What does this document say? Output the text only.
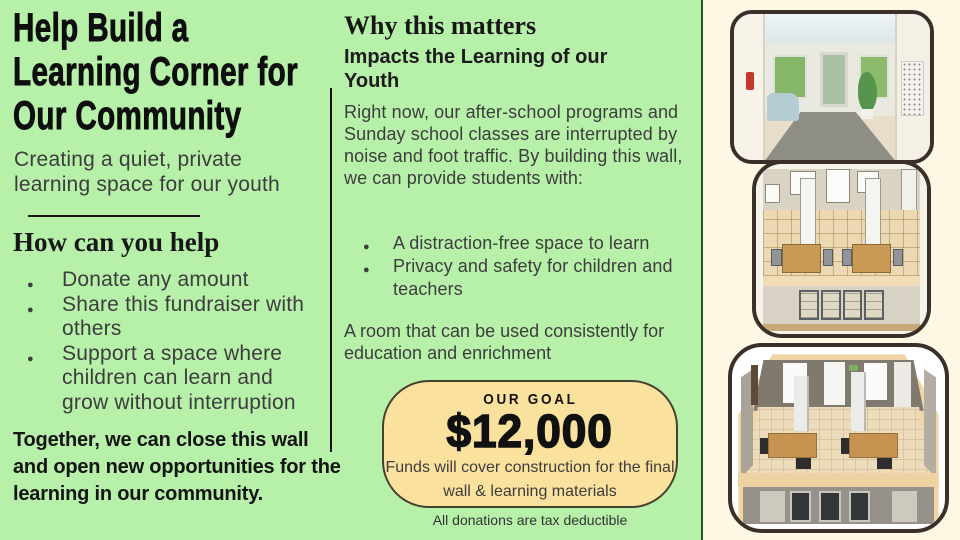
Help Build a
Learning Corner for
Our Community

Creating a quiet, private learning space for our youth

How can you help
● Donate any amount
● Share this fundraiser with others
● Support a space where children can learn and grow without interruption

Together, we can close this wall and open new opportunities for the learning in our community.

Why this matters
Impacts the Learning of our Youth

Right now, our after-school programs and Sunday school classes are interrupted by noise and foot traffic. By building this wall, we can provide students with:

● A distraction-free space to learn
● Privacy and safety for children and teachers

A room that can be used consistently for education and enrichment

OUR GOAL
$12,000

Funds will cover construction for the final wall & learning materials

All donations are tax deductible
